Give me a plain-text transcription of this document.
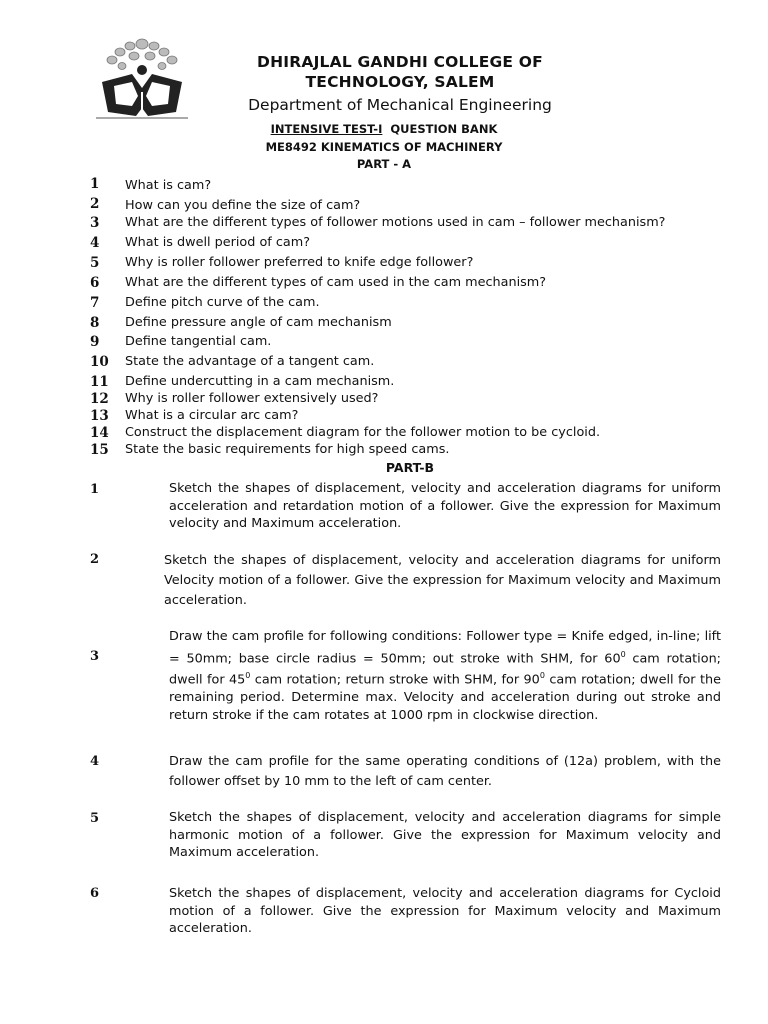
DHIRAJLAL GANDHI COLLEGE OF
TECHNOLOGY, SALEM
Department of Mechanical Engineering
INTENSIVE TEST-I QUESTION BANK
ME8492 KINEMATICS OF MACHINERY
PART - A
1 What is cam?
2 How can you define the size of cam?
3 What are the different types of follower motions used in cam – follower mechanism?
4 What is dwell period of cam?
5 Why is roller follower preferred to knife edge follower?
6 What are the different types of cam used in the cam mechanism?
7 Define pitch curve of the cam.
8 Define pressure angle of cam mechanism
9 Define tangential cam.
10 State the advantage of a tangent cam.
11 Define undercutting in a cam mechanism.
12 Why is roller follower extensively used?
13 What is a circular arc cam?
14 Construct the displacement diagram for the follower motion to be cycloid.
15 State the basic requirements for high speed cams.
PART-B
1	Sketch the shapes of displacement, velocity and acceleration diagrams for uniform acceleration and retardation motion of a follower. Give the expression for Maximum velocity and Maximum acceleration.
2	Sketch the shapes of displacement, velocity and acceleration diagrams for uniform Velocity motion of a follower. Give the expression for Maximum velocity and Maximum acceleration.
3
Draw the cam profile for following conditions: Follower type = Knife edged, in-line; lift = 50mm; base circle radius = 50mm; out stroke with SHM, for $60^0$ cam rotation; dwell for $45^0$ cam rotation; return stroke with SHM, for $90^0$ cam rotation; dwell for the remaining period. Determine max. Velocity and acceleration during out stroke and return stroke if the cam rotates at 1000 rpm in clockwise direction.
4	Draw the cam profile for the same operating conditions of (12a) problem, with the follower offset by 10 mm to the left of cam center.
5	Sketch the shapes of displacement, velocity and acceleration diagrams for simple harmonic motion of a follower. Give the expression for Maximum velocity and Maximum acceleration.
6	Sketch the shapes of displacement, velocity and acceleration diagrams for Cycloid motion of a follower. Give the expression for Maximum velocity and Maximum acceleration.
